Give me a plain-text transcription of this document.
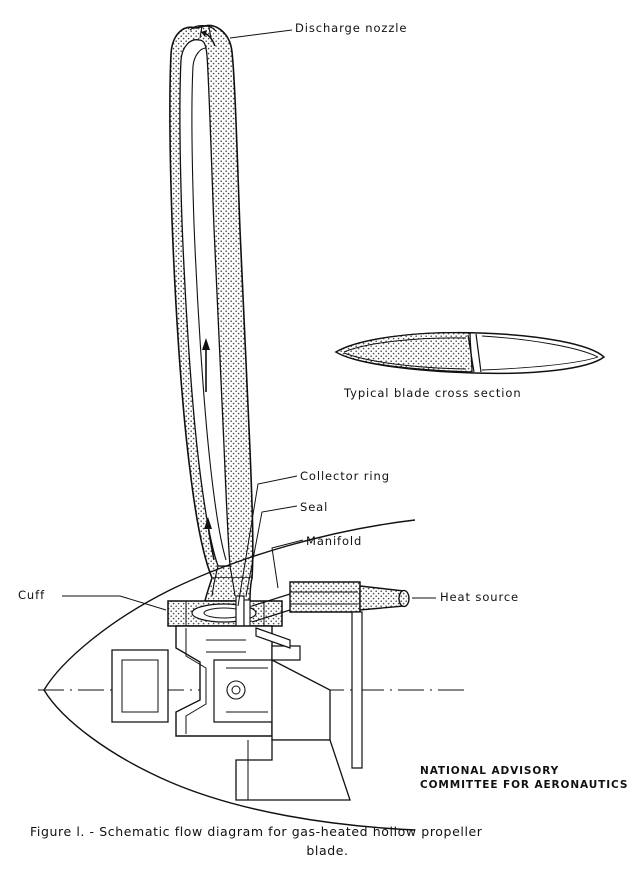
Discharge nozzle
Typical blade cross section
Collector ring
Seal
Manifold
Heat source
Cuff
NATIONAL ADVISORY
COMMITTEE FOR AERONAUTICS
Figure l. - Schematic flow diagram for gas-heated hollow propeller
blade.
